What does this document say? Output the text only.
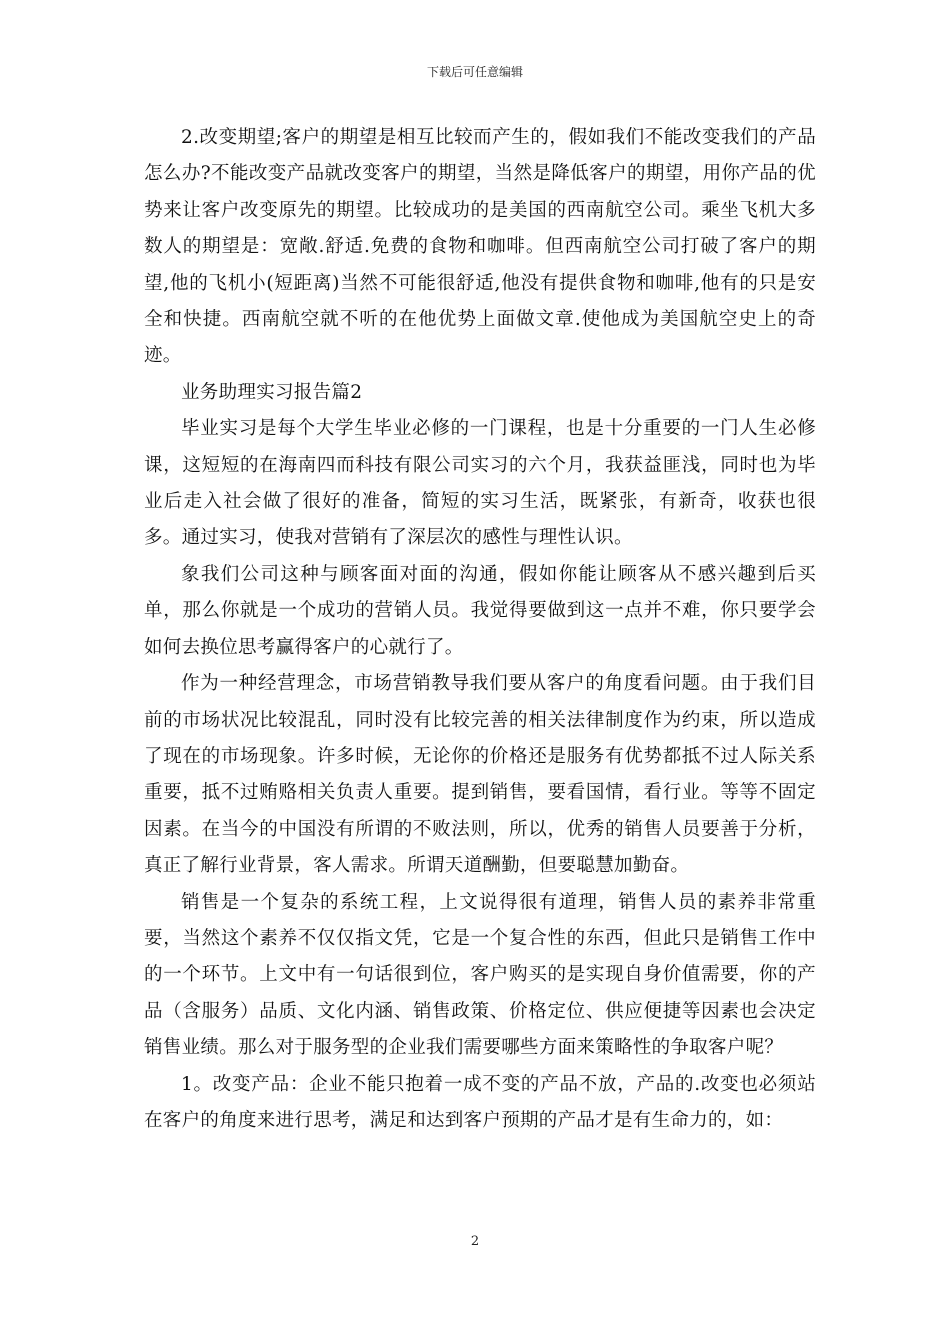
下载后可任意编辑

2.改变期望;客户的期望是相互比较而产生的，假如我们不能改变我们的产品怎么办?不能改变产品就改变客户的期望，当然是降低客户的期望，用你产品的优势来让客户改变原先的期望。比较成功的是美国的西南航空公司。乘坐飞机大多数人的期望是：宽敞.舒适.免费的食物和咖啡。但西南航空公司打破了客户的期望,他的飞机小(短距离)当然不可能很舒适,他没有提供食物和咖啡,他有的只是安全和快捷。西南航空就不听的在他优势上面做文章.使他成为美国航空史上的奇迹。

业务助理实习报告篇2

毕业实习是每个大学生毕业必修的一门课程，也是十分重要的一门人生必修课，这短短的在海南四而科技有限公司实习的六个月，我获益匪浅，同时也为毕业后走入社会做了很好的准备，简短的实习生活，既紧张，有新奇，收获也很多。通过实习，使我对营销有了深层次的感性与理性认识。

象我们公司这种与顾客面对面的沟通，假如你能让顾客从不感兴趣到后买单，那么你就是一个成功的营销人员。我觉得要做到这一点并不难，你只要学会如何去换位思考赢得客户的心就行了。

作为一种经营理念，市场营销教导我们要从客户的角度看问题。由于我们目前的市场状况比较混乱，同时没有比较完善的相关法律制度作为约束，所以造成了现在的市场现象。许多时候，无论你的价格还是服务有优势都抵不过人际关系重要，抵不过贿赂相关负责人重要。提到销售，要看国情，看行业。等等不固定因素。在当今的中国没有所谓的不败法则，所以，优秀的销售人员要善于分析，真正了解行业背景，客人需求。所谓天道酬勤，但要聪慧加勤奋。

销售是一个复杂的系统工程，上文说得很有道理，销售人员的素养非常重要，当然这个素养不仅仅指文凭，它是一个复合性的东西，但此只是销售工作中的一个环节。上文中有一句话很到位，客户购买的是实现自身价值需要，你的产品（含服务）品质、文化内涵、销售政策、价格定位、供应便捷等因素也会决定销售业绩。那么对于服务型的企业我们需要哪些方面来策略性的争取客户呢？

1。改变产品：企业不能只抱着一成不变的产品不放，产品的.改变也必须站在客户的角度来进行思考，满足和达到客户预期的产品才是有生命力的，如：

2
